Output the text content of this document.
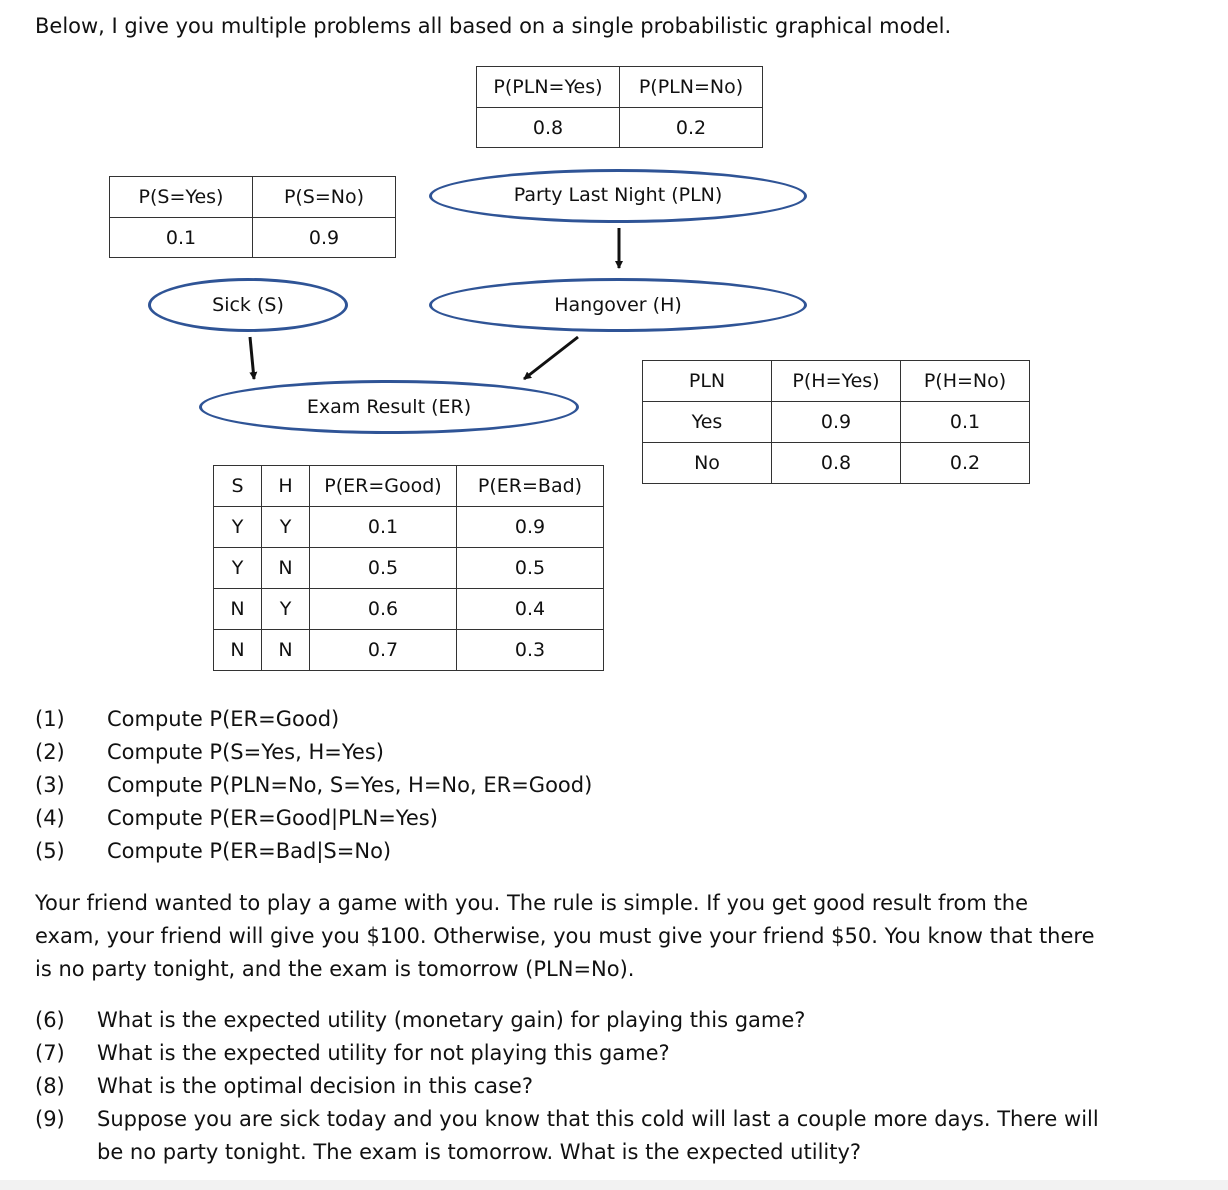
Below, I give you multiple problems all based on a single probabilistic graphical model.
P(PLN=Yes)	P(PLN=No)
0.8	0.2
P(S=Yes)	P(S=No)
0.1	0.9
Party Last Night (PLN)
Sick (S)	Hangover (H)
Exam Result (ER)
PLN	P(H=Yes)	P(H=No)
Yes	0.9	0.1
No	0.8	0.2
S	H	P(ER=Good)	P(ER=Bad)
Y	Y	0.1	0.9
Y	N	0.5	0.5
N	Y	0.6	0.4
N	N	0.7	0.3
(1)	Compute P(ER=Good)
(2)	Compute P(S=Yes, H=Yes)
(3)	Compute P(PLN=No, S=Yes, H=No, ER=Good)
(4)	Compute P(ER=Good|PLN=Yes)
(5)	Compute P(ER=Bad|S=No)
Your friend wanted to play a game with you. The rule is simple. If you get good result from the exam, your friend will give you $100. Otherwise, you must give your friend $50. You know that there is no party tonight, and the exam is tomorrow (PLN=No).
(6)	What is the expected utility (monetary gain) for playing this game?
(7)	What is the expected utility for not playing this game?
(8)	What is the optimal decision in this case?
(9)	Suppose you are sick today and you know that this cold will last a couple more days. There will be no party tonight. The exam is tomorrow. What is the expected utility?
